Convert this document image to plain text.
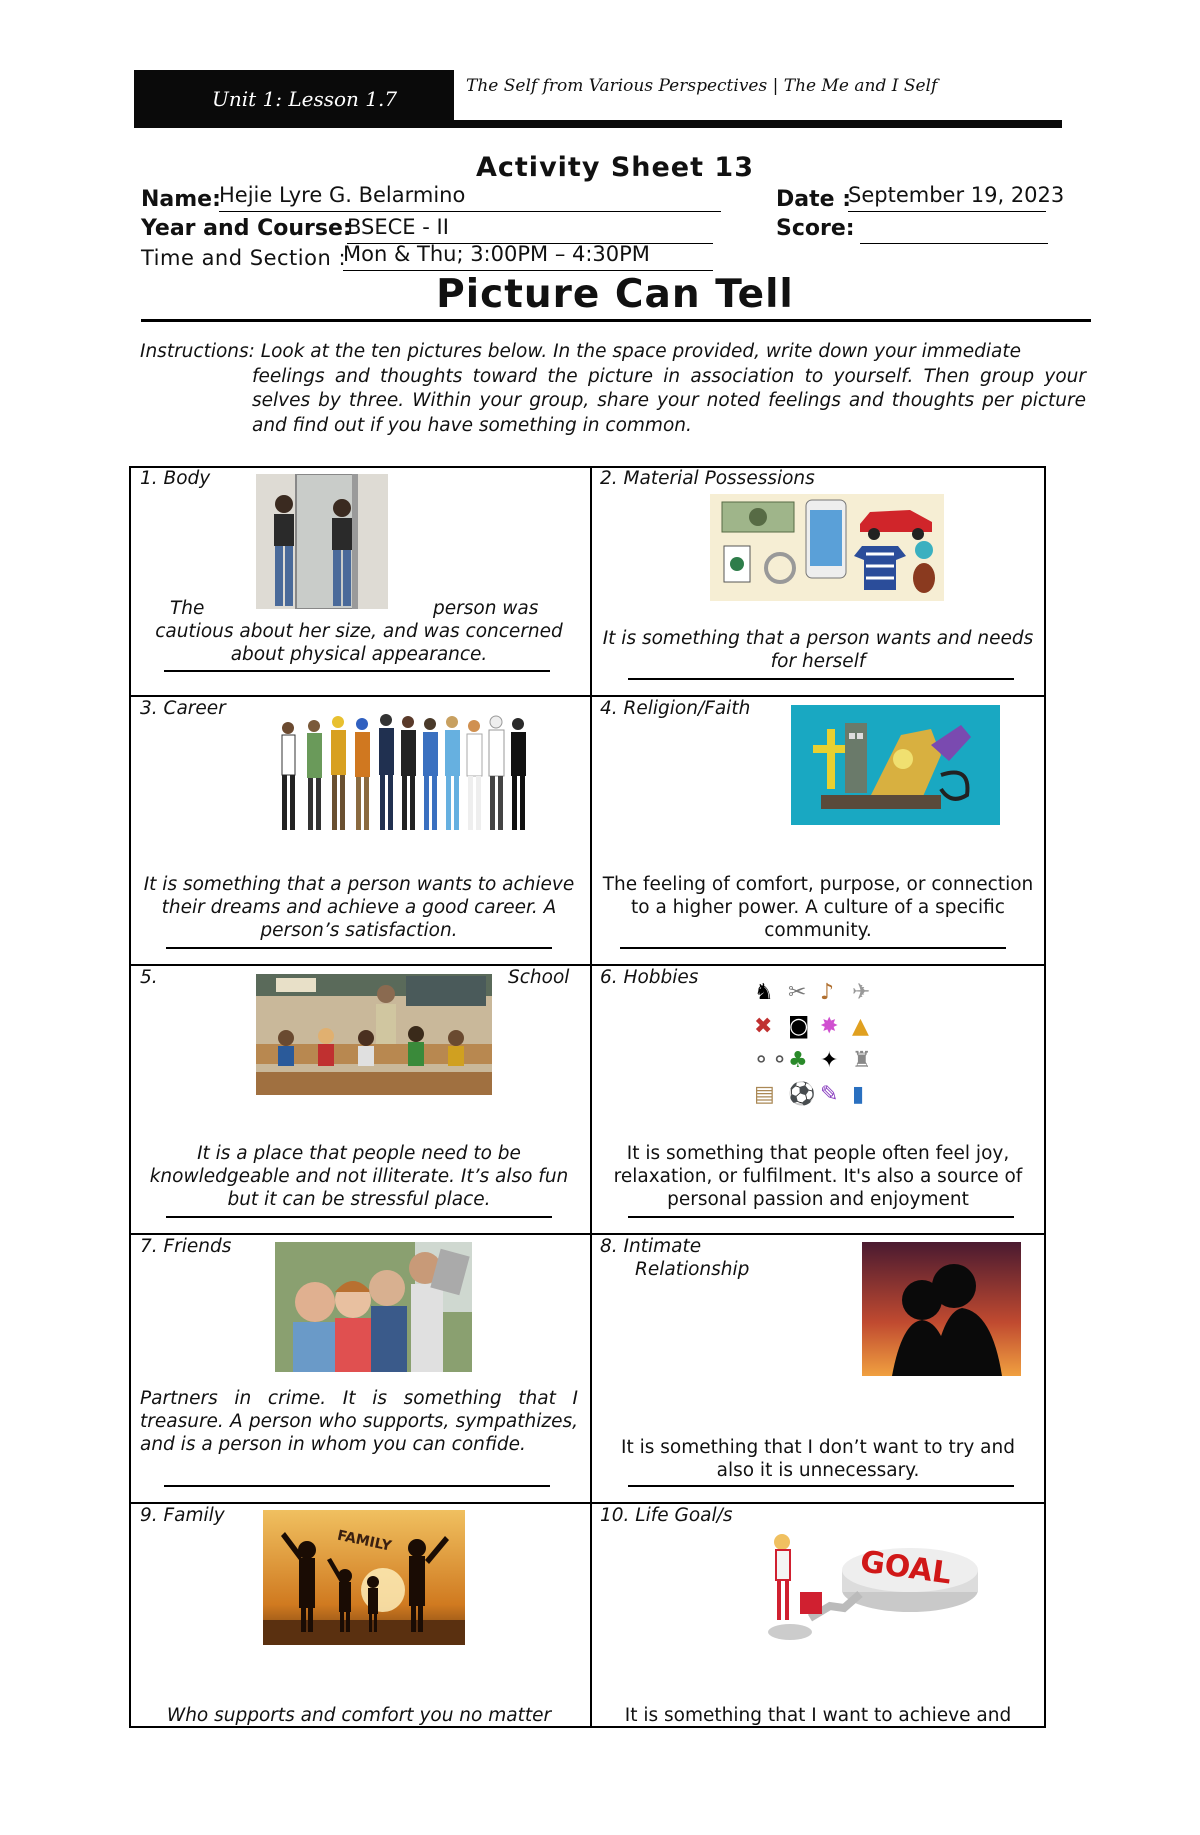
Unit 1: Lesson 1.7
The Self from Various Perspectives | The Me and I Self
Activity Sheet 13
Name:
Hejie Lyre G. Belarmino	Date :
September 19, 2023
Year and Course:
BSECE - II	Score:
Time and Section :
Mon & Thu; 3:00PM – 4:30PM
Picture Can Tell
Instructions: Look at the ten pictures below. In the space provided, write down your immediate
feelings and thoughts toward the picture in association to yourself. Then group your selves by three. Within your group, share your noted feelings and thoughts per picture and find out if you have something in common.
1. Body
The	person was
cautious about her size, and was concerned about physical appearance.
2. Material Possessions
It is something that a person wants and needs for herself
3. Career
It is something that a person wants to achieve their dreams and achieve a good career. A person’s satisfaction.
4. Religion/Faith
The feeling of comfort, purpose, or connection to a higher power. A culture of a specific community.
5.	School
It is a place that people need to be knowledgeable and not illiterate. It’s also fun but it can be stressful place.
6. Hobbies
♞ ✂ ♪ ✈
✖ ◙ ✸ ▲
⚬⚬ ♣ ✦ ♜
▤ ⚽ ✎ ▮
It is something that people often feel joy, relaxation, or fulfilment. It's also a source of personal passion and enjoyment
7. Friends
Partners in crime. It is something that I treasure. A person who supports, sympathizes, and is a person in whom you can confide.
8. Intimate
Relationship
It is something that I don’t want to try and also it is unnecessary.
9. Family
FAMILY
Who supports and comfort you no matter
10. Life Goal/s
GOAL
It is something that I want to achieve and
